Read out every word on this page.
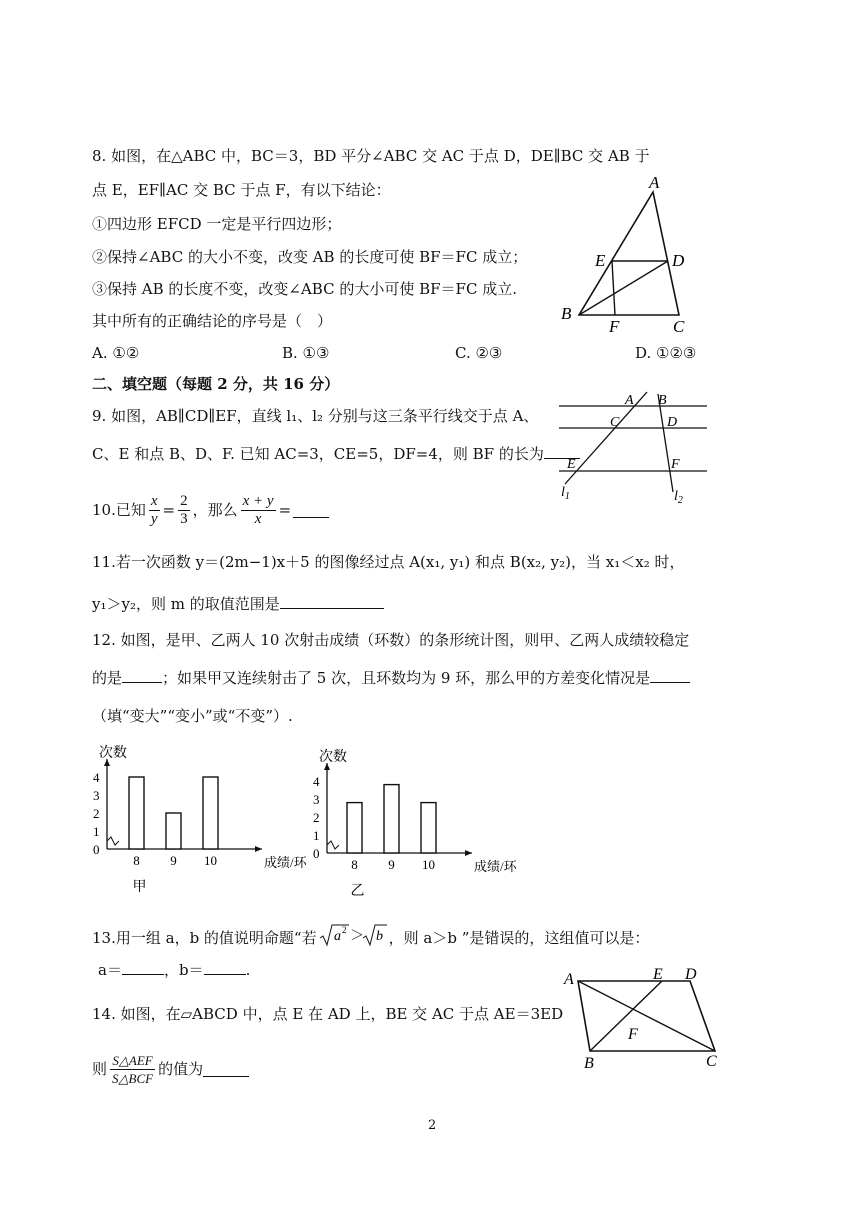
8. 如图，在△ABC 中，BC＝3，BD 平分∠ABC 交 AC 于点 D，DE∥BC 交 AB 于
点 E，EF∥AC 交 BC 于点 F，有以下结论：
①四边形 EFCD 一定是平行四边形；
②保持∠ABC 的大小不变，改变 AB 的长度可使 BF＝FC 成立；
③保持 AB 的长度不变，改变∠ABC 的大小可使 BF＝FC 成立.
其中所有的正确结论的序号是（　）
A. ①②	B. ①③	C. ②③	D. ①②③
A
E	D
B
F	C
二、填空题（每题 2 分，共 16 分）
9. 如图，AB∥CD∥EF，直线 l₁、l₂ 分别与这三条平行线交于点 A、
C、E 和点 B、D、F. 已知 AC=3，CE=5，DF=4，则 BF 的长为
A B
C	D
E	F
$l_1$	$l_2$
10.已知 $\frac{x}{y} = \frac{2}{3}$ ，那么 $\frac{x + y}{x}$ =
11.若一次函数 y＝(2m−1)x＋5 的图像经过点 A(x₁, y₁) 和点 B(x₂, y₂)，当 x₁＜x₂ 时，
y₁＞y₂，则 m 的取值范围是
12. 如图，是甲、乙两人 10 次射击成绩（环数）的条形统计图，则甲、乙两人成绩较稳定
的是	；如果甲又连续射击了 5 次，且环数均为 9 环，那么甲的方差变化情况是
（填“变大”“变小”或“不变”）.
次数
0
1
2
3
4
8 9 10	成绩/环
甲
次数
0
1
2
3
4
8 9 10	成绩/环
乙
13.用一组 a，b 的值说明命题“若 a 2 ＞ b ，则 a＞b ”是错误的，这组值可以是：
a＝	，b＝	.
A	E D
F
B	C
14. 如图，在▱ABCD 中，点 E 在 AD 上，BE 交 AC 于点 AE＝3ED
则 $\frac{\text{S△AEF}}{\text{S△BCF}}$ 的值为
2
